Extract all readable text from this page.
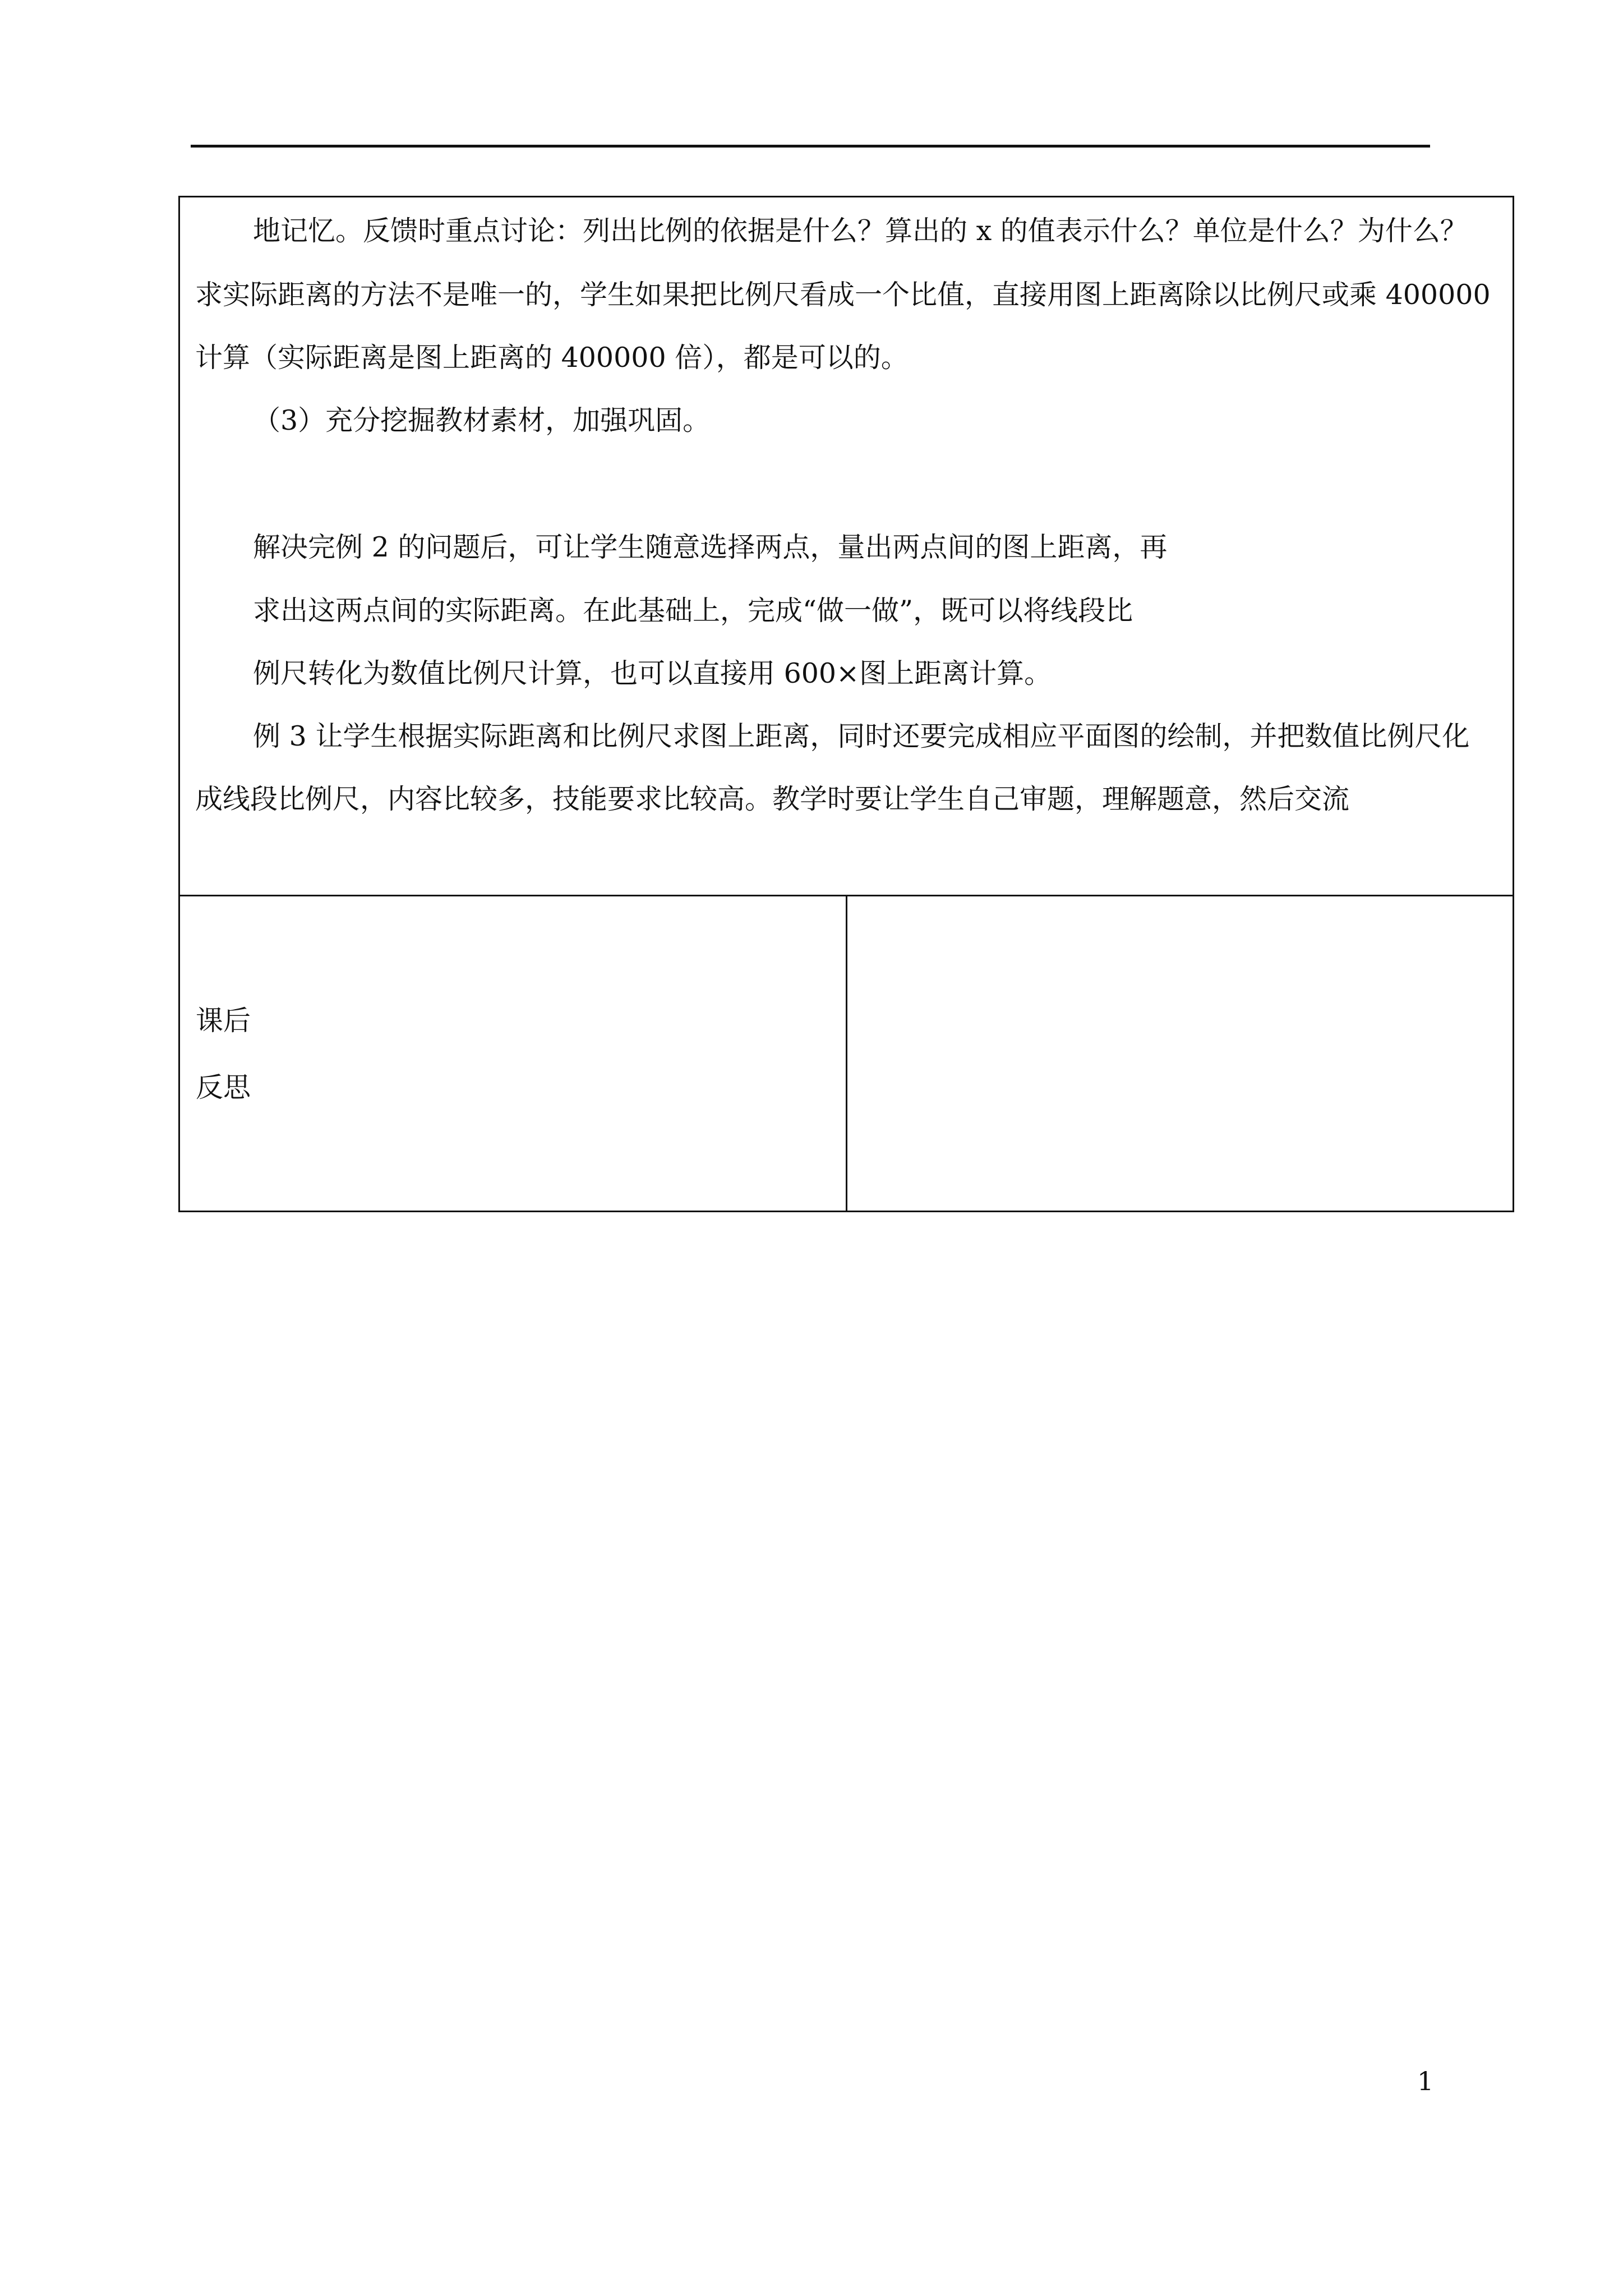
地记忆。反馈时重点讨论：列出比例的依据是什么？算出的 x 的值表示什么？单位是什么？为什么？
求实际距离的方法不是唯一的，学生如果把比例尺看成一个比值，直接用图上距离除以比例尺或乘 400000
计算（实际距离是图上距离的 400000 倍），都是可以的。
（3）充分挖掘教材素材，加强巩固。
解决完例 2 的问题后，可让学生随意选择两点，量出两点间的图上距离，再
求出这两点间的实际距离。在此基础上，完成“做一做”，既可以将线段比
例尺转化为数值比例尺计算，也可以直接用 600×图上距离计算。
例 3 让学生根据实际距离和比例尺求图上距离，同时还要完成相应平面图的绘制，并把数值比例尺化
成线段比例尺，内容比较多，技能要求比较高。教学时要让学生自己审题，理解题意，然后交流

课后
反思

1
